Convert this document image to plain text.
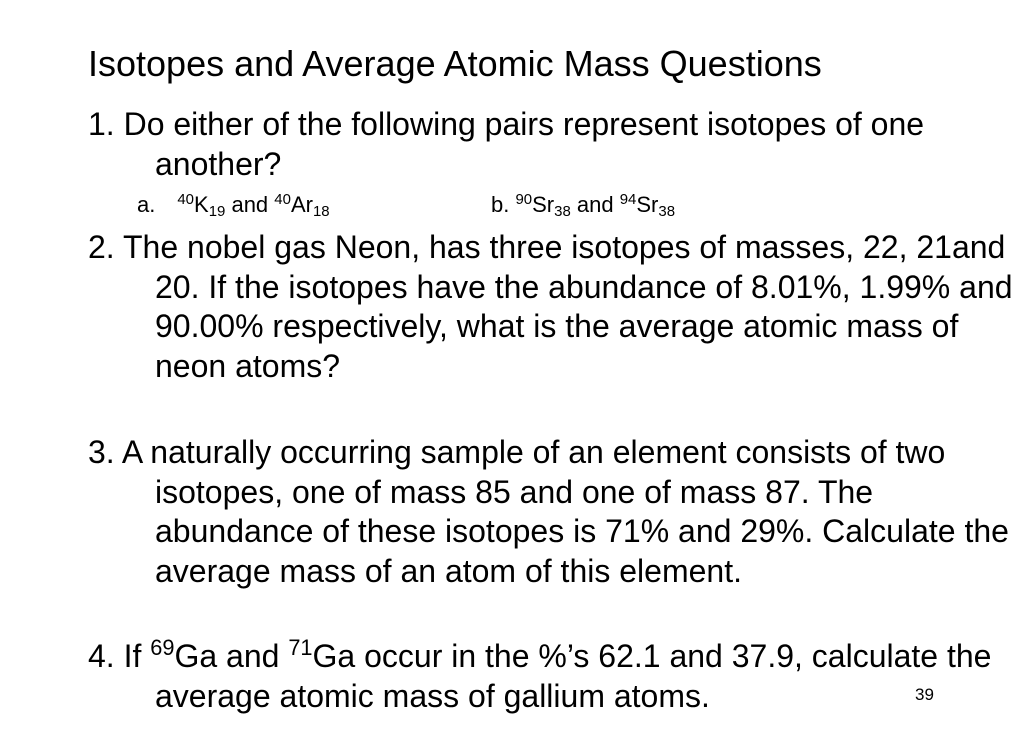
Isotopes and Average Atomic Mass Questions
1. Do either of the following pairs represent isotopes of one another?
a. $^{40}K_{19}$ and $^{40}Ar_{18}$	b. $^{90}Sr_{38}$ and $^{94}Sr_{38}$
2. The nobel gas Neon, has three isotopes of masses, 22, 21and 20. If the isotopes have the abundance of 8.01%, 1.99% and 90.00% respectively, what is the average atomic mass of neon atoms?
3. A naturally occurring sample of an element consists of two isotopes, one of mass 85 and one of mass 87. The abundance of these isotopes is 71% and 29%. Calculate the average mass of an atom of this element.
4. If $^{69}$Ga and $^{71}$Ga occur in the %’s 62.1 and 37.9, calculate the average atomic mass of gallium atoms.	39
